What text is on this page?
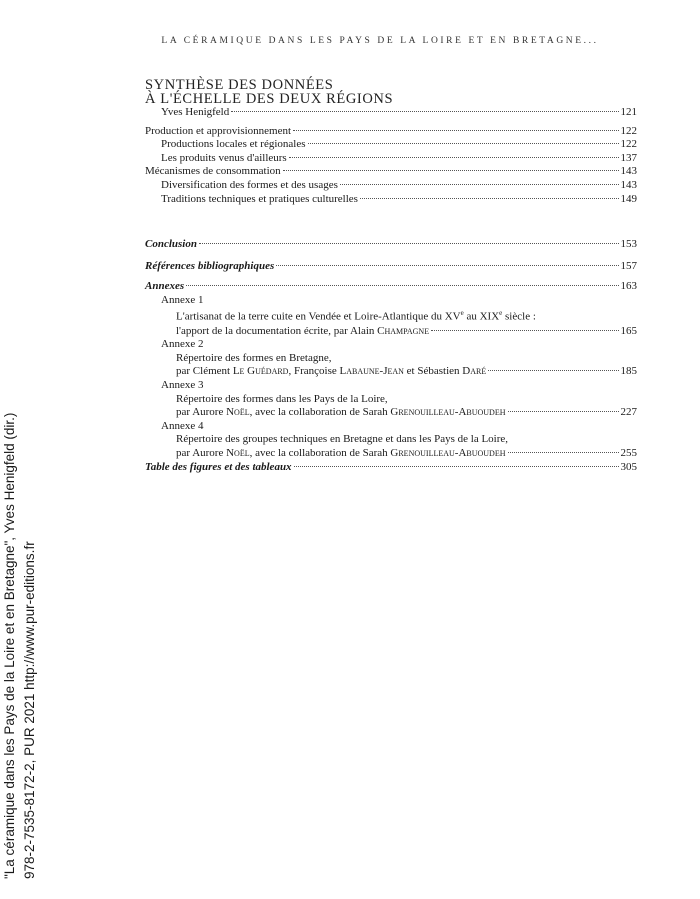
LA CÉRAMIQUE DANS LES PAYS DE LA LOIRE ET EN BRETAGNE...
SYNTHÈSE DES DONNÉES
À L'ÉCHELLE DES DEUX RÉGIONS
Yves Henigfeld	121
Production et approvisionnement	122
Productions locales et régionales	122
Les produits venus d'ailleurs	137
Mécanismes de consommation	143
Diversification des formes et des usages	143
Traditions techniques et pratiques culturelles	149
Conclusion	153
Références bibliographiques	157
Annexes	163
Annexe 1
L'artisanat de la terre cuite en Vendée et Loire-Atlantique du XVe au XIXe siècle :
l'apport de la documentation écrite, par Alain Champagne	165
Annexe 2
Répertoire des formes en Bretagne,
par Clément Le Guédard, Françoise Labaune-Jean et Sébastien Daré	185
Annexe 3
Répertoire des formes dans les Pays de la Loire,
par Aurore Noël, avec la collaboration de Sarah Grenouilleau-Abuoudeh	227
Annexe 4
Répertoire des groupes techniques en Bretagne et dans les Pays de la Loire,
par Aurore Noël, avec la collaboration de Sarah Grenouilleau-Abuoudeh	255
Table des figures et des tableaux	305
"La céramique dans les Pays de la Loire et en Bretagne", Yves Henigfeld (dir.) 978-2-7535-8172-2, PUR 2021 http://www.pur-editions.fr
